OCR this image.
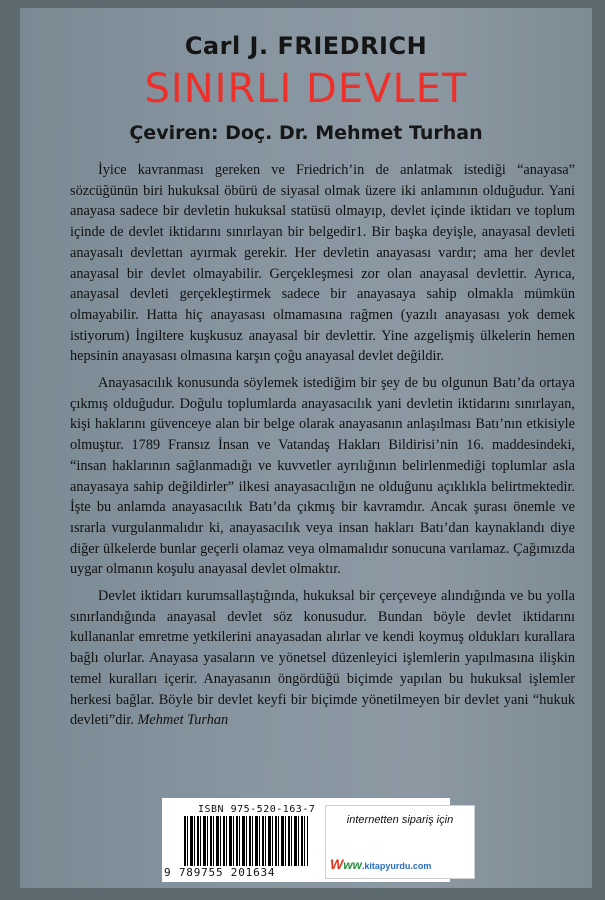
Carl J. FRIEDRICH
SINIRLI DEVLET
Çeviren: Doç. Dr. Mehmet Turhan

İyice kavranması gereken ve Friedrich’in de anlatmak istediği “anayasa” sözcüğünün biri hukuksal öbürü de siyasal olmak üzere iki anlamının olduğudur. Yani anayasa sadece bir devletin hukuksal statüsü olmayıp, devlet içinde iktidarı ve toplum içinde de devlet iktidarını sınırlayan bir belgedir1. Bir başka deyişle, anayasal devleti anayasalı devlettan ayırmak gerekir. Her devletin anayasası vardır; ama her devlet anayasal bir devlet olmayabilir. Gerçekleşmesi zor olan anayasal devlettir. Ayrıca, anayasal devleti gerçekleştirmek sadece bir anayasaya sahip olmakla mümkün olmayabilir. Hatta hiç anayasası olmamasına rağmen (yazılı anayasası yok demek istiyorum) İngiltere kuşkusuz anayasal bir devlettir. Yine azgelişmiş ülkelerin hemen hepsinin anayasası olmasına karşın çoğu anayasal devlet değildir.

Anayasacılık konusunda söylemek istediğim bir şey de bu olgunun Batı’da ortaya çıkmış olduğudur. Doğulu toplumlarda anayasacılık yani devletin iktidarını sınırlayan, kişi haklarını güvenceye alan bir belge olarak anayasanın anlaşılması Batı’nın etkisiyle olmuştur. 1789 Fransız İnsan ve Vatandaş Hakları Bildirisi’nin 16. maddesindeki, “insan haklarının sağlanmadığı ve kuvvetler ayrılığının belirlenmediği toplumlar asla anayasaya sahip değildirler” ilkesi anayasacılığın ne olduğunu açıklıkla belirtmektedir. İşte bu anlamda anayasacılık Batı’da çıkmış bir kavramdır. Ancak şurası önemle ve ısrarla vurgulanmalıdır ki, anayasacılık veya insan hakları Batı’dan kaynaklandı diye diğer ülkelerde bunlar geçerli olamaz veya olmamalıdır sonucuna varılamaz. Çağımızda uygar olmanın koşulu anayasal devlet olmaktır.

Devlet iktidarı kurumsallaştığında, hukuksal bir çerçeveye alındığında ve bu yolla sınırlandığında anayasal devlet söz konusudur. Bundan böyle devlet iktidarını kullananlar emretme yetkilerini anayasadan alırlar ve kendi koymuş oldukları kurallara bağlı olurlar. Anayasa yasaların ve yönetsel düzenleyici işlemlerin yapılmasına ilişkin temel kuralları içerir. Anayasanın öngördüğü biçimde yapılan bu hukuksal işlemler herkesi bağlar. Böyle bir devlet keyfi bir biçimde yönetilmeyen bir devlet yani “hukuk devleti”dir. Mehmet Turhan

ISBN 975-520-163-7
9 789755 201634
internetten sipariş için
Www.kitapyurdu.com
